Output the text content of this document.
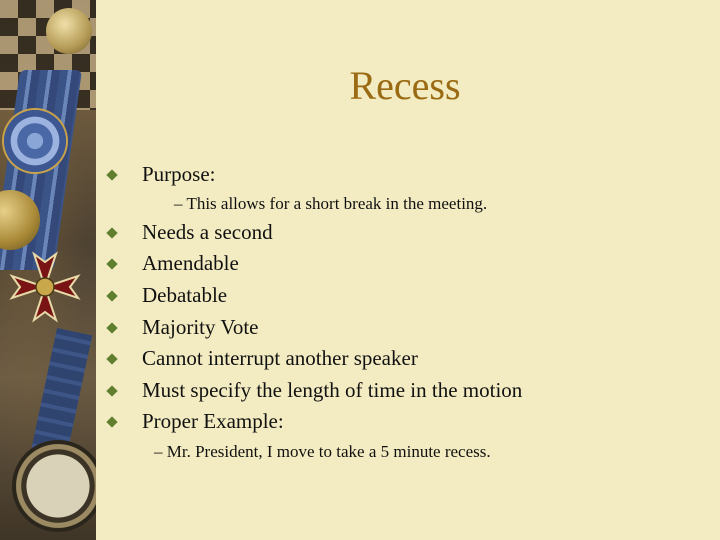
Recess
Purpose:
– This allows for a short break in the meeting.
Needs a second
Amendable
Debatable
Majority Vote
Cannot interrupt another speaker
Must specify the length of time in the motion
Proper Example:
– Mr. President, I move to take a 5 minute recess.
